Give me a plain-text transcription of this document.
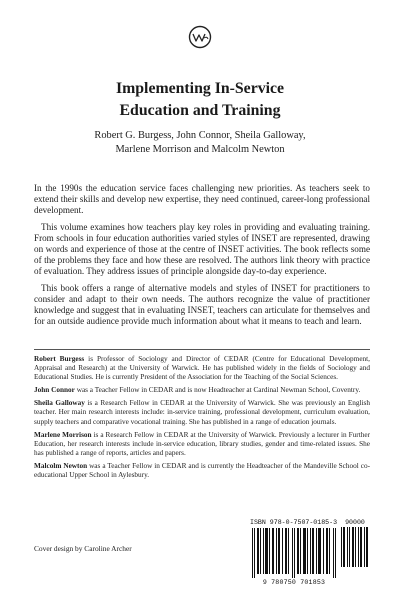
Implementing In-Service
Education and Training
Robert G. Burgess, John Connor, Sheila Galloway,
Marlene Morrison and Malcolm Newton

In the 1990s the education service faces challenging new priorities. As teachers seek to extend their skills and develop new expertise, they need continued, career-long professional development.

This volume examines how teachers play key roles in providing and evaluating training. From schools in four education authorities varied styles of INSET are represented, drawing on words and experience of those at the centre of INSET activities. The book reflects some of the problems they face and how these are resolved. The authors link theory with practice of evaluation. They address issues of principle alongside day-to-day experience.

This book offers a range of alternative models and styles of INSET for practitioners to consider and adapt to their own needs. The authors recognize the value of practitioner knowledge and suggest that in evaluating INSET, teachers can articulate for themselves and for an outside audience provide much information about what it means to teach and learn.

Robert Burgess is Professor of Sociology and Director of CEDAR (Centre for Educational Development, Appraisal and Research) at the University of Warwick. He has published widely in the fields of Sociology and Educational Studies. He is currently President of the Association for the Teaching of the Social Sciences.

John Connor was a Teacher Fellow in CEDAR and is now Headteacher at Cardinal Newman School, Coventry.

Sheila Galloway is a Research Fellow in CEDAR at the University of Warwick. She was previously an English teacher. Her main research interests include: in-service training, professional development, curriculum evaluation, supply teachers and comparative vocational training. She has published in a range of education journals.

Marlene Morrison is a Research Fellow in CEDAR at the University of Warwick. Previously a lecturer in Further Education, her research interests include in-service education, library studies, gender and time-related issues. She has published a range of reports, articles and papers.

Malcolm Newton was a Teacher Fellow in CEDAR and is currently the Headteacher of the Mandeville School co-educational Upper School in Aylesbury.

Cover design by Caroline Archer
ISBN 978-0-7507-0185-3	90000
9 780750 701853
